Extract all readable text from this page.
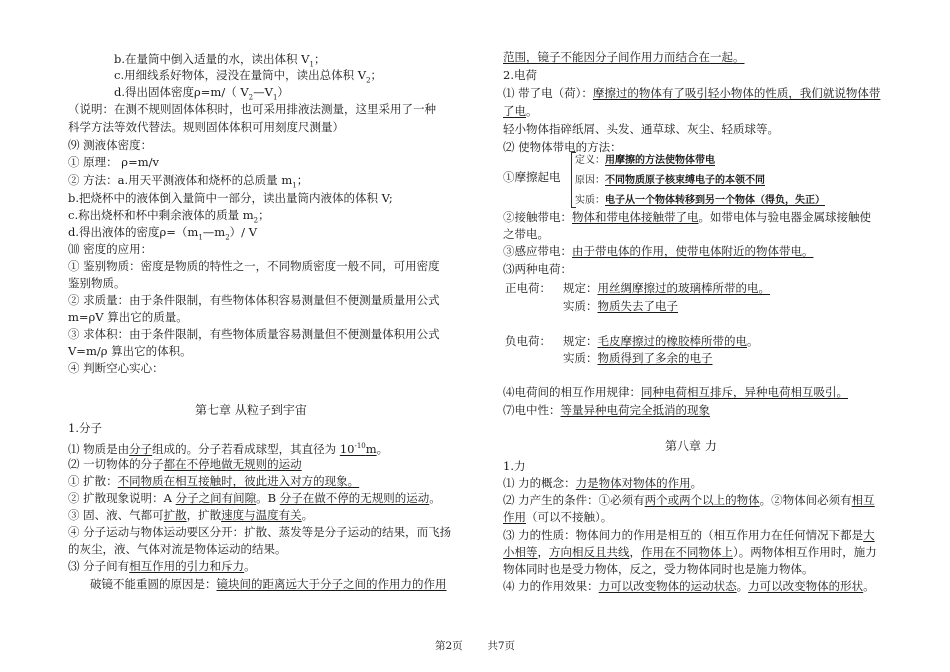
b.在量筒中倒入适量的水，读出体积 $V_1$；
c.用细线系好物体，浸没在量筒中，读出总体积 $V_2$；
d.得出固体密度ρ=m/（ $V_2—V_1$）
（说明：在测不规则固体体积时，也可采用排液法测量，这里采用了一种
科学方法等效代替法。规则固体体积可用刻度尺测量）
⑼ 测液体密度：
① 原理： ρ=m/v
② 方法：a.用天平测液体和烧杯的总质量 $m_1$；
b.把烧杯中的液体倒入量筒中一部分，读出量筒内液体的体积 V;
c.称出烧杯和杯中剩余液体的质量 $m_2$；
d.得出液体的密度$\rho=(m_1—m_2)/$ V
⑽ 密度的应用：
① 鉴别物质：密度是物质的特性之一，不同物质密度一般不同，可用密度
鉴别物质。
② 求质量：由于条件限制，有些物体体积容易测量但不便测量质量用公式
m=ρV 算出它的质量。
③ 求体积：由于条件限制，有些物体质量容易测量但不便测量体积用公式
V=m/ρ 算出它的体积。
④ 判断空心实心：
第七章 从粒子到宇宙
1.分子
⑴ 物质是由分子组成的。分子若看成球型，其直径为 $10^{-10}m$。
⑵ 一切物体的分子都在不停地做无规则的运动
① 扩散：不同物质在相互接触时，彼此进入对方的现象。
② 扩散现象说明：A 分子之间有间隙。B 分子在做不停的无规则的运动。
③ 固、液、气都可扩散，扩散速度与温度有关。
④ 分子运动与物体运动要区分开：扩散、蒸发等是分子运动的结果，而飞扬
的灰尘，液、气体对流是物体运动的结果。
⑶ 分子间有相互作用的引力和斥力。
破镜不能重圆的原因是：镜块间的距离远大于分子之间的作用力的作用
范围，镜子不能因分子间作用力而结合在一起。
2.电荷
⑴ 带了电（荷）：摩擦过的物体有了吸引轻小物体的性质，我们就说物体带
了电。
轻小物体指碎纸屑、头发、通草球、灰尘、轻质球等。
⑵ 使物体带电的方法：
①摩擦起电
定义：用摩擦的方法使物体带电
原因：不同物质原子核束缚电子的本领不同
实质：电子从一个物体转移到另一个物体（得负，失正）
②接触带电：物体和带电体接触带了电。如带电体与验电器金属球接触使
之带电。
③感应带电：由于带电体的作用，使带电体附近的物体带电。
⑶两种电荷：
正电荷： 规定：用丝绸摩擦过的玻璃棒所带的电。
实质：物质失去了电子
负电荷： 规定：毛皮摩擦过的橡胶棒所带的电。
实质：物质得到了多余的电子
⑷电荷间的相互作用规律：同种电荷相互排斥，异种电荷相互吸引。
⑺电中性：等量异种电荷完全抵消的现象
第八章 力
1.力
⑴ 力的概念：力是物体对物体的作用。
⑵ 力产生的条件：①必须有两个或两个以上的物体。②物体间必须有相互
作用（可以不接触）。
⑶ 力的性质：物体间力的作用是相互的（相互作用力在任何情况下都是大
小相等，方向相反且共线，作用在不同物体上）。两物体相互作用时，施力
物体同时也是受力物体，反之，受力物体同时也是施力物体。
⑷ 力的作用效果：力可以改变物体的运动状态。力可以改变物体的形状。
第2页 共7页
